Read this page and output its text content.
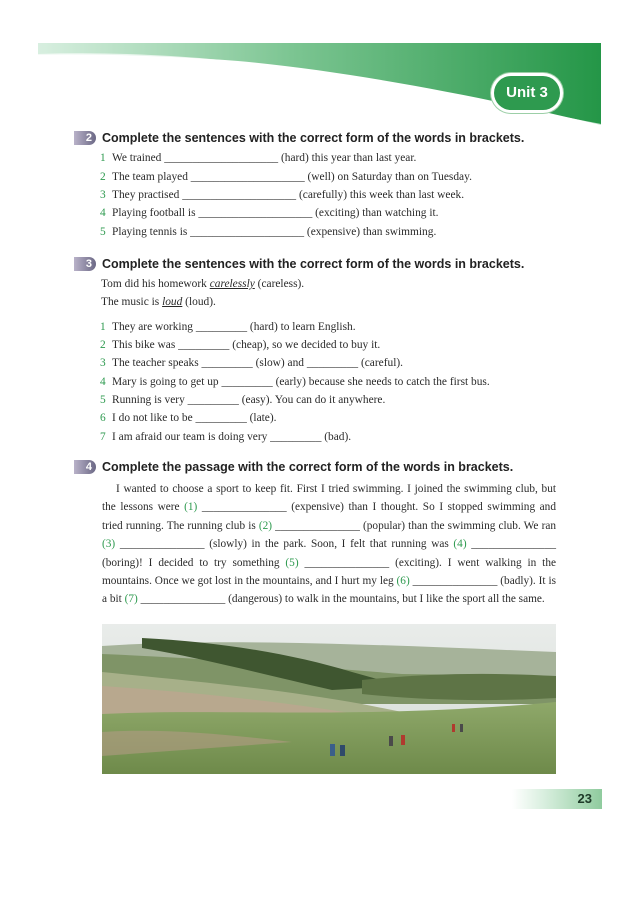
Unit 3
2 Complete the sentences with the correct form of the words in brackets.
1 We trained ____________________ (hard) this year than last year.
2 The team played ____________________ (well) on Saturday than on Tuesday.
3 They practised ____________________ (carefully) this week than last week.
4 Playing football is ____________________ (exciting) than watching it.
5 Playing tennis is ____________________ (expensive) than swimming.
3 Complete the sentences with the correct form of the words in brackets.
Tom did his homework carelessly (careless).
The music is loud (loud).
1 They are working _________ (hard) to learn English.
2 This bike was _________ (cheap), so we decided to buy it.
3 The teacher speaks _________ (slow) and _________ (careful).
4 Mary is going to get up _________ (early) because she needs to catch the first bus.
5 Running is very _________ (easy). You can do it anywhere.
6 I do not like to be _________ (late).
7 I am afraid our team is doing very _________ (bad).
4 Complete the passage with the correct form of the words in brackets.
I wanted to choose a sport to keep fit. First I tried swimming. I joined the swimming club, but the lessons were (1) _______________ (expensive) than I thought. So I stopped swimming and tried running. The running club is (2) _______________ (popular) than the swimming club. We ran (3) _______________ (slowly) in the park. Soon, I felt that running was (4) _______________ (boring)! I decided to try something (5) _______________ (exciting). I went walking in the mountains. Once we got lost in the mountains, and I hurt my leg (6) _______________ (badly). It is a bit (7) _______________ (dangerous) to walk in the mountains, but I like the sport all the same.
23
